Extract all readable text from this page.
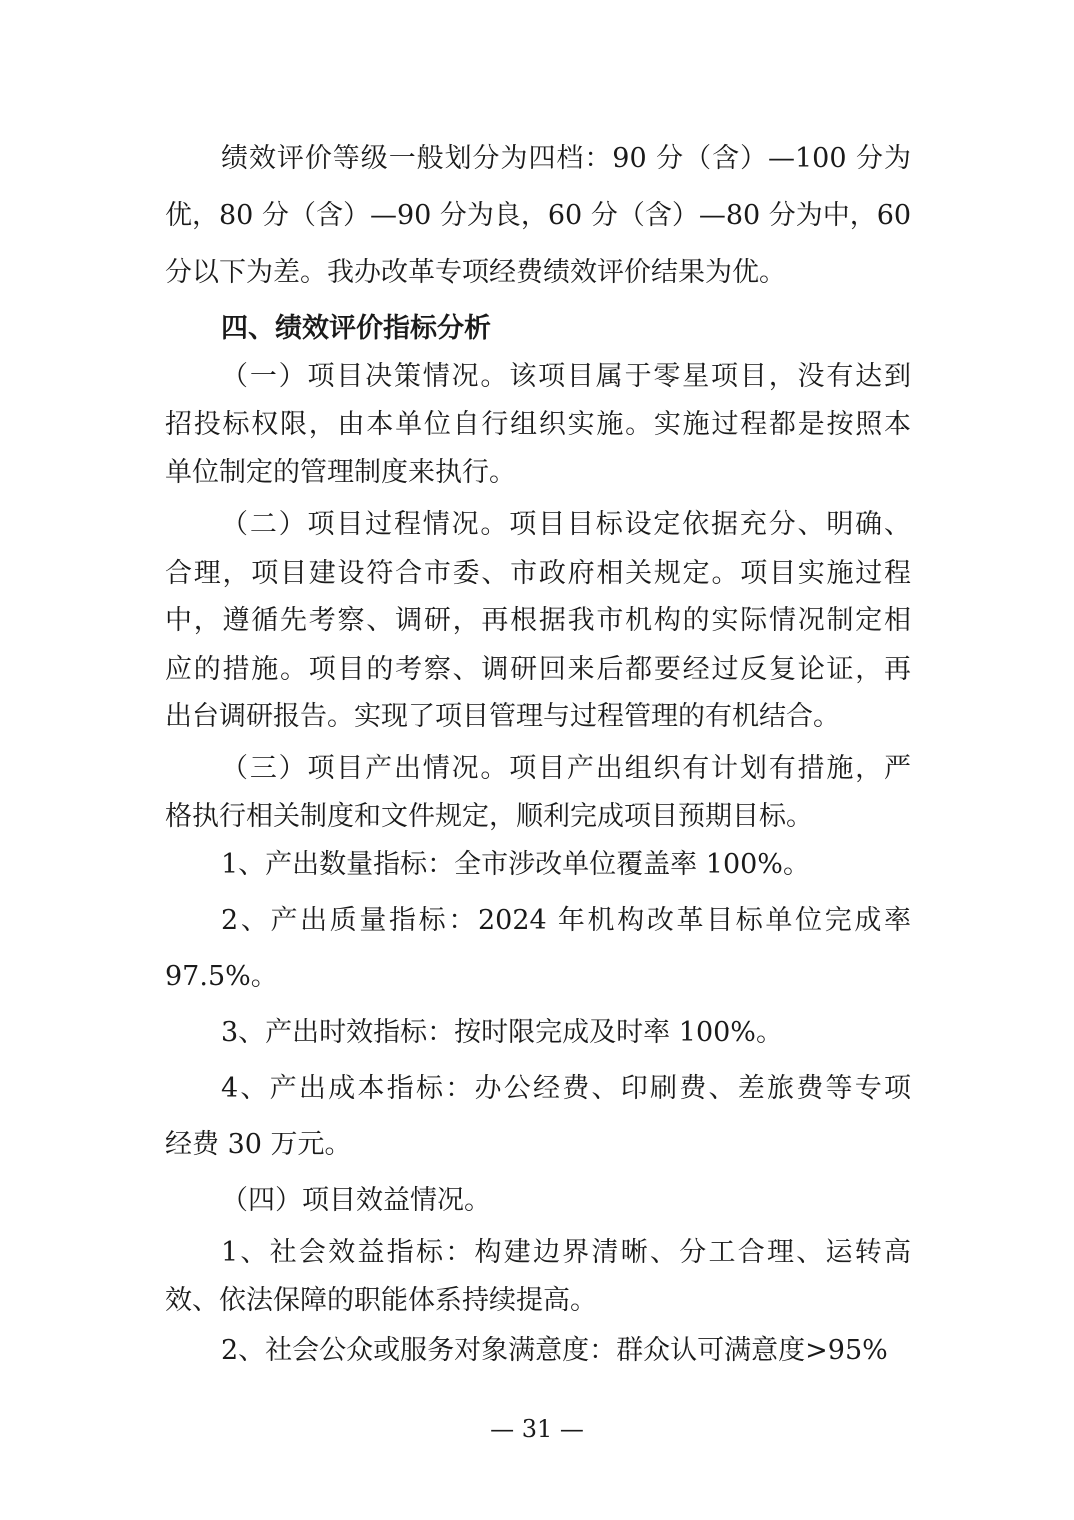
绩效评价等级一般划分为四档：90 分（含）—100 分为
优，80 分（含）—90 分为良，60 分（含）—80 分为中，60
分以下为差。我办改革专项经费绩效评价结果为优。
四、绩效评价指标分析
（一）项目决策情况。该项目属于零星项目，没有达到
招投标权限，由本单位自行组织实施。实施过程都是按照本
单位制定的管理制度来执行。
（二）项目过程情况。项目目标设定依据充分、明确、
合理，项目建设符合市委、市政府相关规定。项目实施过程
中，遵循先考察、调研，再根据我市机构的实际情况制定相
应的措施。项目的考察、调研回来后都要经过反复论证，再
出台调研报告。实现了项目管理与过程管理的有机结合。
（三）项目产出情况。项目产出组织有计划有措施，严
格执行相关制度和文件规定，顺利完成项目预期目标。
1、产出数量指标：全市涉改单位覆盖率 100%。
2、产出质量指标：2024 年机构改革目标单位完成率
97.5%。
3、产出时效指标：按时限完成及时率 100%。
4、产出成本指标：办公经费、印刷费、差旅费等专项
经费 30 万元。
（四）项目效益情况。
1、社会效益指标：构建边界清晰、分工合理、运转高
效、依法保障的职能体系持续提高。
2、社会公众或服务对象满意度：群众认可满意度>95%
— 31 —
